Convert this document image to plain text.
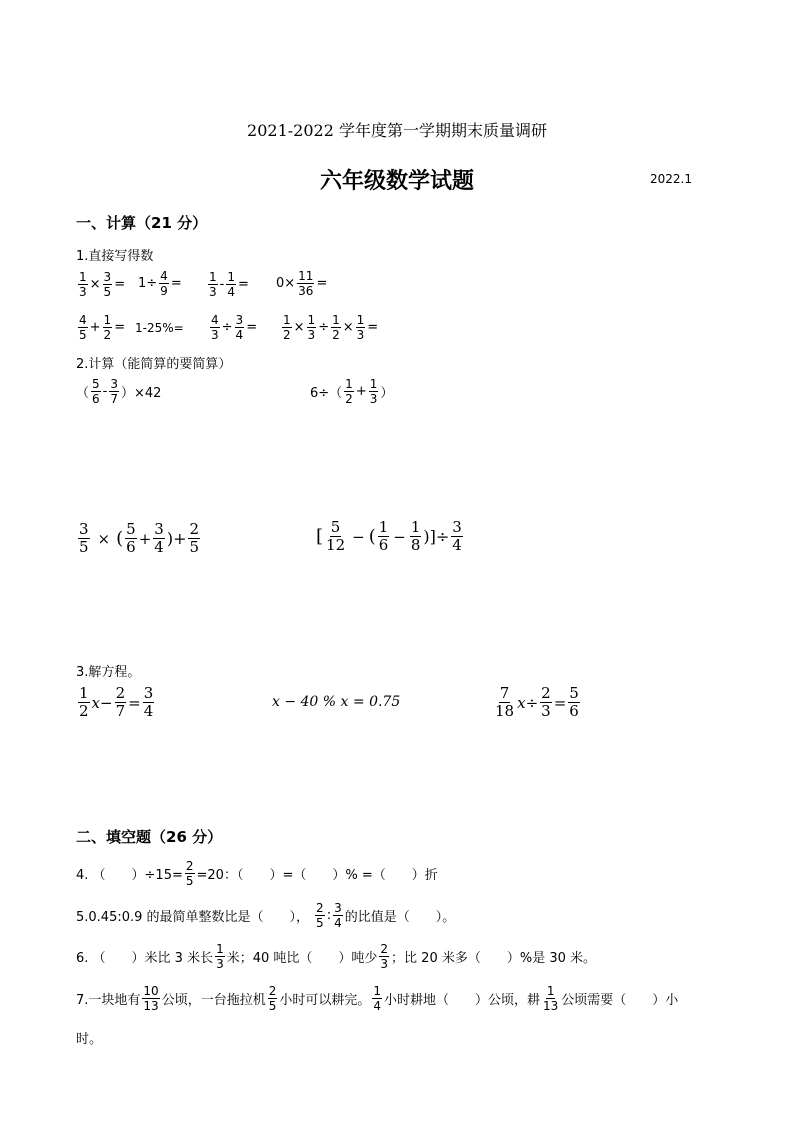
2021-2022 学年度第一学期期末质量调研
六年级数学试题	2022.1
一、计算（21 分）
1.直接写得数
$\frac{1}{3} \times \frac{3}{5} = 1\div \frac{4}{9} = \frac{1}{3} - \frac{1}{4} = 0\times \frac{11}{36}$ =
$\frac{4}{5} + \frac{1}{2} = 1-25\%= \frac{4}{3} \div \frac{3}{4} = \frac{1}{2} \times \frac{1}{3} \div \frac{1}{2} \times \frac{1}{3}$ =
2.计算（能简算的要简算）
（ $\frac{5}{6} - \frac{3}{7} )\times 42$	$6\div( \frac{1}{2} + \frac{1}{3}$ ）
$\frac{3}{5}$ × ( $\frac{5}{6} + \frac{3}{4}$ )+ $\frac{2}{5}$	[ $\frac{5}{12}$ − ( $\frac{1}{6} - \frac{1}{8}$ )]÷ $\frac{3}{4}$
3.解方程。
$\frac{1}{2}$ $x - \frac{2}{7} = \frac{3}{4}$	x − 40 % x = 0.75	$\frac{7}{18}$ $x \div \frac{2}{3} = \frac{5}{6}$
二、填空题（26 分）
4. （　　）$\div 15= \frac{2}{5} =20$：（　　）=（　　）% =（　　）折
5.0.45:0.9 的最简单整数比是（　　）， $\frac{2}{5}$ : $\frac{3}{4}$ 的比值是（　　）。
6. （　　）米比 3 米长 $\frac{1}{3}$ 米；40 吨比（　　）吨少 $\frac{2}{3}$ ；比 20 米多（　　）%是 30 米。
7.一块地有 $\frac{10}{13}$ 公顷，一台拖拉机 $\frac{2}{5}$ 小时可以耕完。 $\frac{1}{4}$ 小时耕地（　　）公顷，耕 $\frac{1}{13}$ 公顷需要（　　）小
时。
